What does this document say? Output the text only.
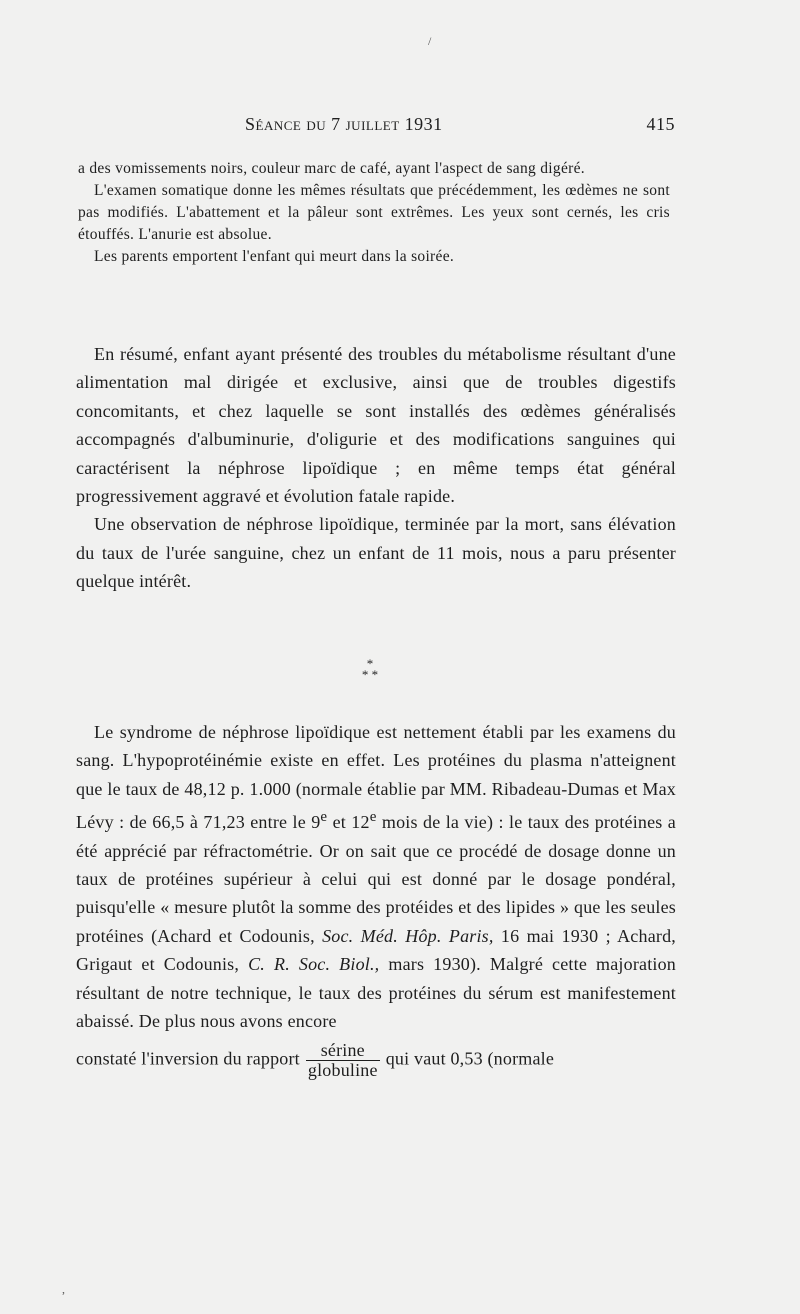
/
Séance du 7 juillet 1931	415

a des vomissements noirs, couleur marc de café, ayant l'aspect de sang digéré.

L'examen somatique donne les mêmes résultats que précédemment, les œdèmes ne sont pas modifiés. L'abattement et la pâleur sont extrêmes. Les yeux sont cernés, les cris étouffés. L'anurie est absolue.

Les parents emportent l'enfant qui meurt dans la soirée.

En résumé, enfant ayant présenté des troubles du métabolisme résultant d'une alimentation mal dirigée et exclusive, ainsi que de troubles digestifs concomitants, et chez laquelle se sont installés des œdèmes généralisés accompagnés d'albuminurie, d'oligurie et des modifications sanguines qui caractérisent la néphrose lipoïdique ; en même temps état général progressivement aggravé et évolution fatale rapide.

Une observation de néphrose lipoïdique, terminée par la mort, sans élévation du taux de l'urée sanguine, chez un enfant de 11 mois, nous a paru présenter quelque intérêt.

*
* *

Le syndrome de néphrose lipoïdique est nettement établi par les examens du sang. L'hypoprotéinémie existe en effet. Les protéines du plasma n'atteignent que le taux de 48,12 p. 1.000 (normale établie par MM. Ribadeau-Dumas et Max Lévy : de 66,5 à 71,23 entre le 9e et 12e mois de la vie) : le taux des protéines a été apprécié par réfractométrie. Or on sait que ce procédé de dosage donne un taux de protéines supérieur à celui qui est donné par le dosage pondéral, puisqu'elle « mesure plutôt la somme des protéides et des lipides » que les seules protéines (Achard et Codounis, Soc. Méd. Hôp. Paris, 16 mai 1930 ; Achard, Grigaut et Codounis, C. R. Soc. Biol., mars 1930). Malgré cette majoration résultant de notre technique, le taux des protéines du sérum est manifestement abaissé. De plus nous avons encore

constaté l'inversion du rapport $\frac{\text{sérine}}{\text{globuline}}$ qui vaut 0,53 (normale

,
